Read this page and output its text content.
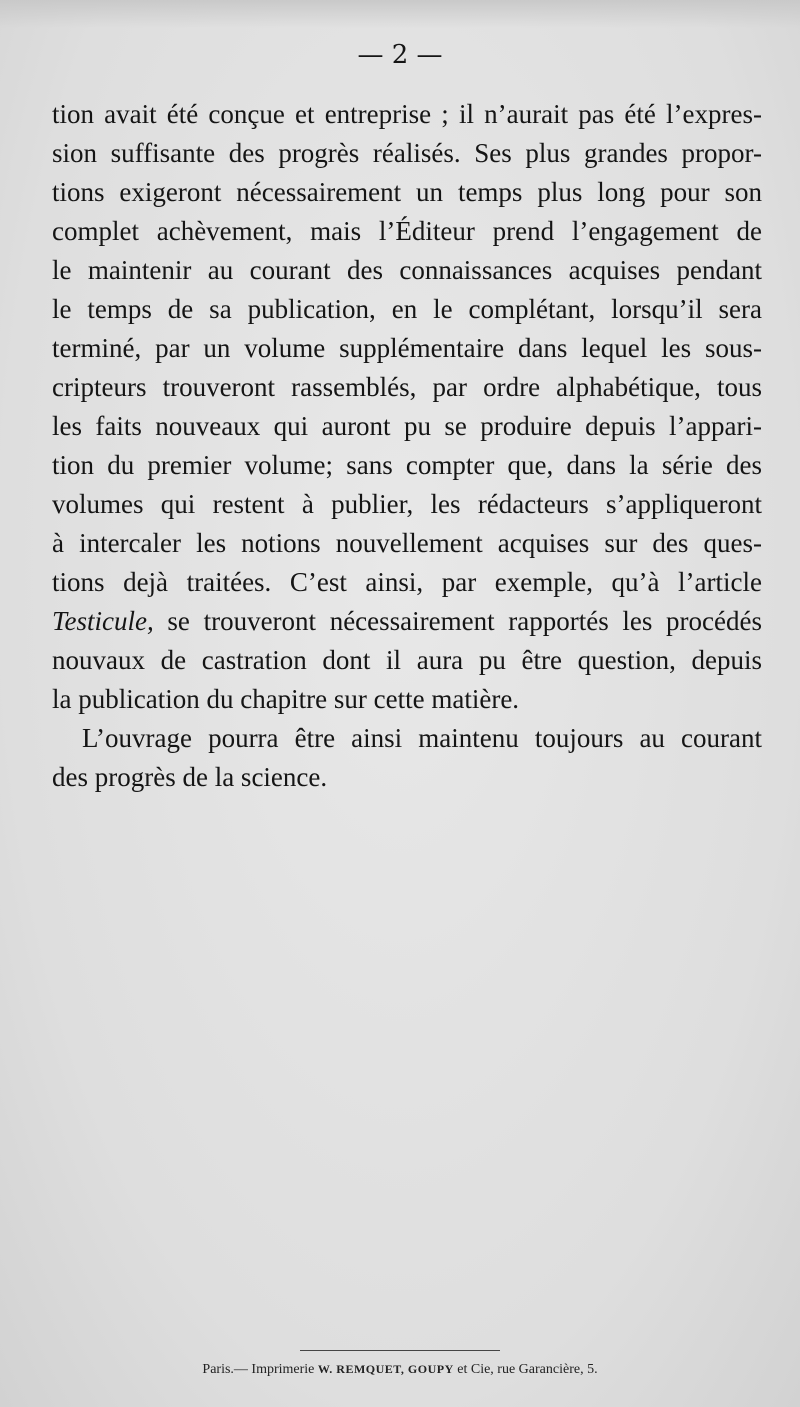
— 2 —
tion avait été conçue et entreprise ; il n’aurait pas été l’expres-
sion suffisante des progrès réalisés. Ses plus grandes propor-
tions exigeront nécessairement un temps plus long pour son
complet achèvement, mais l’Éditeur prend l’engagement de
le maintenir au courant des connaissances acquises pendant
le temps de sa publication, en le complétant, lorsqu’il sera
terminé, par un volume supplémentaire dans lequel les sous-
cripteurs trouveront rassemblés, par ordre alphabétique, tous
les faits nouveaux qui auront pu se produire depuis l’appari-
tion du premier volume; sans compter que, dans la série des
volumes qui restent à publier, les rédacteurs s’appliqueront
à intercaler les notions nouvellement acquises sur des ques-
tions dejà traitées. C’est ainsi, par exemple, qu’à l’article
Testicule, se trouveront nécessairement rapportés les procédés
nouvaux de castration dont il aura pu être question, depuis
la publication du chapitre sur cette matière.
L’ouvrage pourra être ainsi maintenu toujours au courant
des progrès de la science.
Paris.— Imprimerie W. REMQUET, GOUPY et Cie, rue Garancière, 5.
